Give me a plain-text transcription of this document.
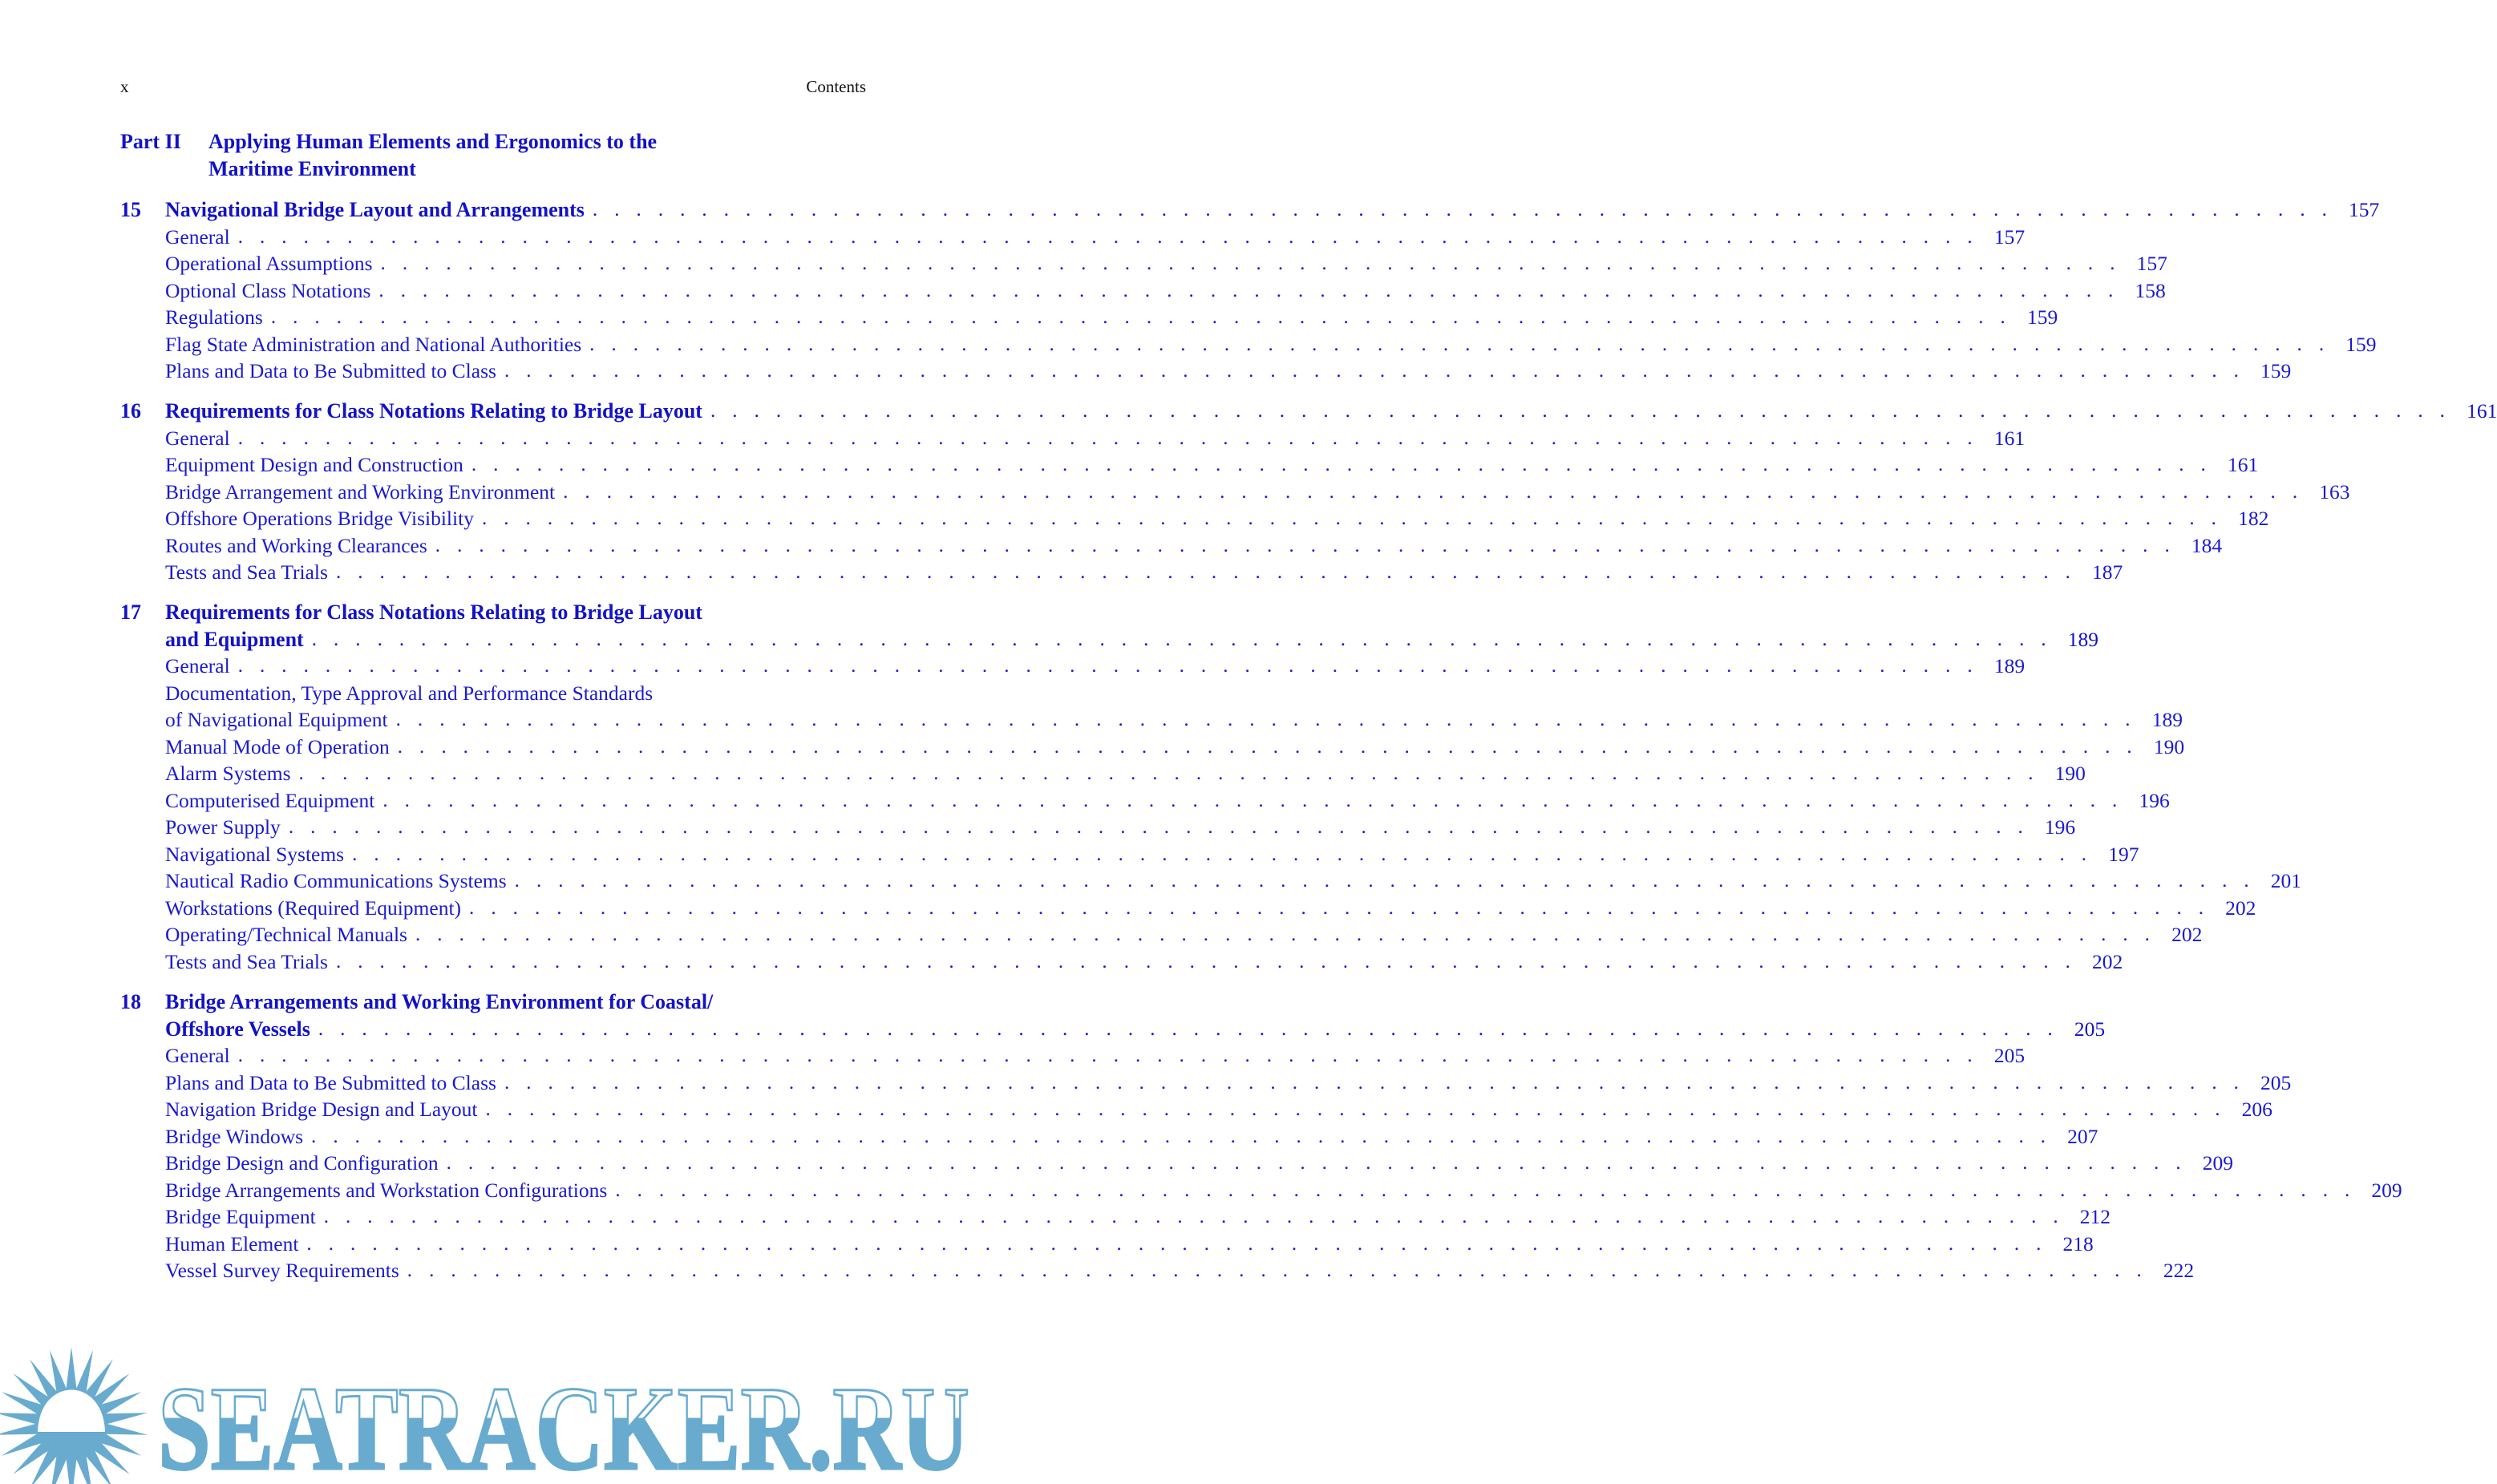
x	Contents
Part II Applying Human Elements and Ergonomics to the
Maritime Environment
15 Navigational Bridge Layout and Arrangements . . . . . . . . . . . . . . . . . . . . . . . . . . . . . . . . . . . . . . . . . . . . . . . . . . . . . . . . . . . . . . . . . . . . . . . . . . . . . . . . 157
General . . . . . . . . . . . . . . . . . . . . . . . . . . . . . . . . . . . . . . . . . . . . . . . . . . . . . . . . . . . . . . . . . . . . . . . . . . . . . . . . 157
Operational Assumptions . . . . . . . . . . . . . . . . . . . . . . . . . . . . . . . . . . . . . . . . . . . . . . . . . . . . . . . . . . . . . . . . . . . . . . . . . . . . . . . . 157
Optional Class Notations . . . . . . . . . . . . . . . . . . . . . . . . . . . . . . . . . . . . . . . . . . . . . . . . . . . . . . . . . . . . . . . . . . . . . . . . . . . . . . . . 158
Regulations . . . . . . . . . . . . . . . . . . . . . . . . . . . . . . . . . . . . . . . . . . . . . . . . . . . . . . . . . . . . . . . . . . . . . . . . . . . . . . . . 159
Flag State Administration and National Authorities . . . . . . . . . . . . . . . . . . . . . . . . . . . . . . . . . . . . . . . . . . . . . . . . . . . . . . . . . . . . . . . . . . . . . . . . . . . . . . . . 159
Plans and Data to Be Submitted to Class . . . . . . . . . . . . . . . . . . . . . . . . . . . . . . . . . . . . . . . . . . . . . . . . . . . . . . . . . . . . . . . . . . . . . . . . . . . . . . . . 159
16 Requirements for Class Notations Relating to Bridge Layout . . . . . . . . . . . . . . . . . . . . . . . . . . . . . . . . . . . . . . . . . . . . . . . . . . . . . . . . . . . . . . . . . . . . . . . . . . . . . . . . 161
General . . . . . . . . . . . . . . . . . . . . . . . . . . . . . . . . . . . . . . . . . . . . . . . . . . . . . . . . . . . . . . . . . . . . . . . . . . . . . . . . 161
Equipment Design and Construction . . . . . . . . . . . . . . . . . . . . . . . . . . . . . . . . . . . . . . . . . . . . . . . . . . . . . . . . . . . . . . . . . . . . . . . . . . . . . . . . 161
Bridge Arrangement and Working Environment . . . . . . . . . . . . . . . . . . . . . . . . . . . . . . . . . . . . . . . . . . . . . . . . . . . . . . . . . . . . . . . . . . . . . . . . . . . . . . . . 163
Offshore Operations Bridge Visibility . . . . . . . . . . . . . . . . . . . . . . . . . . . . . . . . . . . . . . . . . . . . . . . . . . . . . . . . . . . . . . . . . . . . . . . . . . . . . . . . 182
Routes and Working Clearances . . . . . . . . . . . . . . . . . . . . . . . . . . . . . . . . . . . . . . . . . . . . . . . . . . . . . . . . . . . . . . . . . . . . . . . . . . . . . . . . 184
Tests and Sea Trials . . . . . . . . . . . . . . . . . . . . . . . . . . . . . . . . . . . . . . . . . . . . . . . . . . . . . . . . . . . . . . . . . . . . . . . . . . . . . . . . 187
17 Requirements for Class Notations Relating to Bridge Layout
and Equipment . . . . . . . . . . . . . . . . . . . . . . . . . . . . . . . . . . . . . . . . . . . . . . . . . . . . . . . . . . . . . . . . . . . . . . . . . . . . . . . . 189
General . . . . . . . . . . . . . . . . . . . . . . . . . . . . . . . . . . . . . . . . . . . . . . . . . . . . . . . . . . . . . . . . . . . . . . . . . . . . . . . . 189
Documentation, Type Approval and Performance Standards
of Navigational Equipment . . . . . . . . . . . . . . . . . . . . . . . . . . . . . . . . . . . . . . . . . . . . . . . . . . . . . . . . . . . . . . . . . . . . . . . . . . . . . . . . 189
Manual Mode of Operation . . . . . . . . . . . . . . . . . . . . . . . . . . . . . . . . . . . . . . . . . . . . . . . . . . . . . . . . . . . . . . . . . . . . . . . . . . . . . . . . 190
Alarm Systems . . . . . . . . . . . . . . . . . . . . . . . . . . . . . . . . . . . . . . . . . . . . . . . . . . . . . . . . . . . . . . . . . . . . . . . . . . . . . . . . 190
Computerised Equipment . . . . . . . . . . . . . . . . . . . . . . . . . . . . . . . . . . . . . . . . . . . . . . . . . . . . . . . . . . . . . . . . . . . . . . . . . . . . . . . . 196
Power Supply . . . . . . . . . . . . . . . . . . . . . . . . . . . . . . . . . . . . . . . . . . . . . . . . . . . . . . . . . . . . . . . . . . . . . . . . . . . . . . . . 196
Navigational Systems . . . . . . . . . . . . . . . . . . . . . . . . . . . . . . . . . . . . . . . . . . . . . . . . . . . . . . . . . . . . . . . . . . . . . . . . . . . . . . . . 197
Nautical Radio Communications Systems . . . . . . . . . . . . . . . . . . . . . . . . . . . . . . . . . . . . . . . . . . . . . . . . . . . . . . . . . . . . . . . . . . . . . . . . . . . . . . . . 201
Workstations (Required Equipment) . . . . . . . . . . . . . . . . . . . . . . . . . . . . . . . . . . . . . . . . . . . . . . . . . . . . . . . . . . . . . . . . . . . . . . . . . . . . . . . . 202
Operating/Technical Manuals . . . . . . . . . . . . . . . . . . . . . . . . . . . . . . . . . . . . . . . . . . . . . . . . . . . . . . . . . . . . . . . . . . . . . . . . . . . . . . . . 202
Tests and Sea Trials . . . . . . . . . . . . . . . . . . . . . . . . . . . . . . . . . . . . . . . . . . . . . . . . . . . . . . . . . . . . . . . . . . . . . . . . . . . . . . . . 202
18 Bridge Arrangements and Working Environment for Coastal/
Offshore Vessels . . . . . . . . . . . . . . . . . . . . . . . . . . . . . . . . . . . . . . . . . . . . . . . . . . . . . . . . . . . . . . . . . . . . . . . . . . . . . . . . 205
General . . . . . . . . . . . . . . . . . . . . . . . . . . . . . . . . . . . . . . . . . . . . . . . . . . . . . . . . . . . . . . . . . . . . . . . . . . . . . . . . 205
Plans and Data to Be Submitted to Class . . . . . . . . . . . . . . . . . . . . . . . . . . . . . . . . . . . . . . . . . . . . . . . . . . . . . . . . . . . . . . . . . . . . . . . . . . . . . . . . 205
Navigation Bridge Design and Layout . . . . . . . . . . . . . . . . . . . . . . . . . . . . . . . . . . . . . . . . . . . . . . . . . . . . . . . . . . . . . . . . . . . . . . . . . . . . . . . . 206
Bridge Windows . . . . . . . . . . . . . . . . . . . . . . . . . . . . . . . . . . . . . . . . . . . . . . . . . . . . . . . . . . . . . . . . . . . . . . . . . . . . . . . . 207
Bridge Design and Configuration . . . . . . . . . . . . . . . . . . . . . . . . . . . . . . . . . . . . . . . . . . . . . . . . . . . . . . . . . . . . . . . . . . . . . . . . . . . . . . . . 209
Bridge Arrangements and Workstation Configurations . . . . . . . . . . . . . . . . . . . . . . . . . . . . . . . . . . . . . . . . . . . . . . . . . . . . . . . . . . . . . . . . . . . . . . . . . . . . . . . . 209
Bridge Equipment . . . . . . . . . . . . . . . . . . . . . . . . . . . . . . . . . . . . . . . . . . . . . . . . . . . . . . . . . . . . . . . . . . . . . . . . . . . . . . . . 212
Human Element . . . . . . . . . . . . . . . . . . . . . . . . . . . . . . . . . . . . . . . . . . . . . . . . . . . . . . . . . . . . . . . . . . . . . . . . . . . . . . . . 218
Vessel Survey Requirements . . . . . . . . . . . . . . . . . . . . . . . . . . . . . . . . . . . . . . . . . . . . . . . . . . . . . . . . . . . . . . . . . . . . . . . . . . . . . . . . 222
SEATRACKER.RU
